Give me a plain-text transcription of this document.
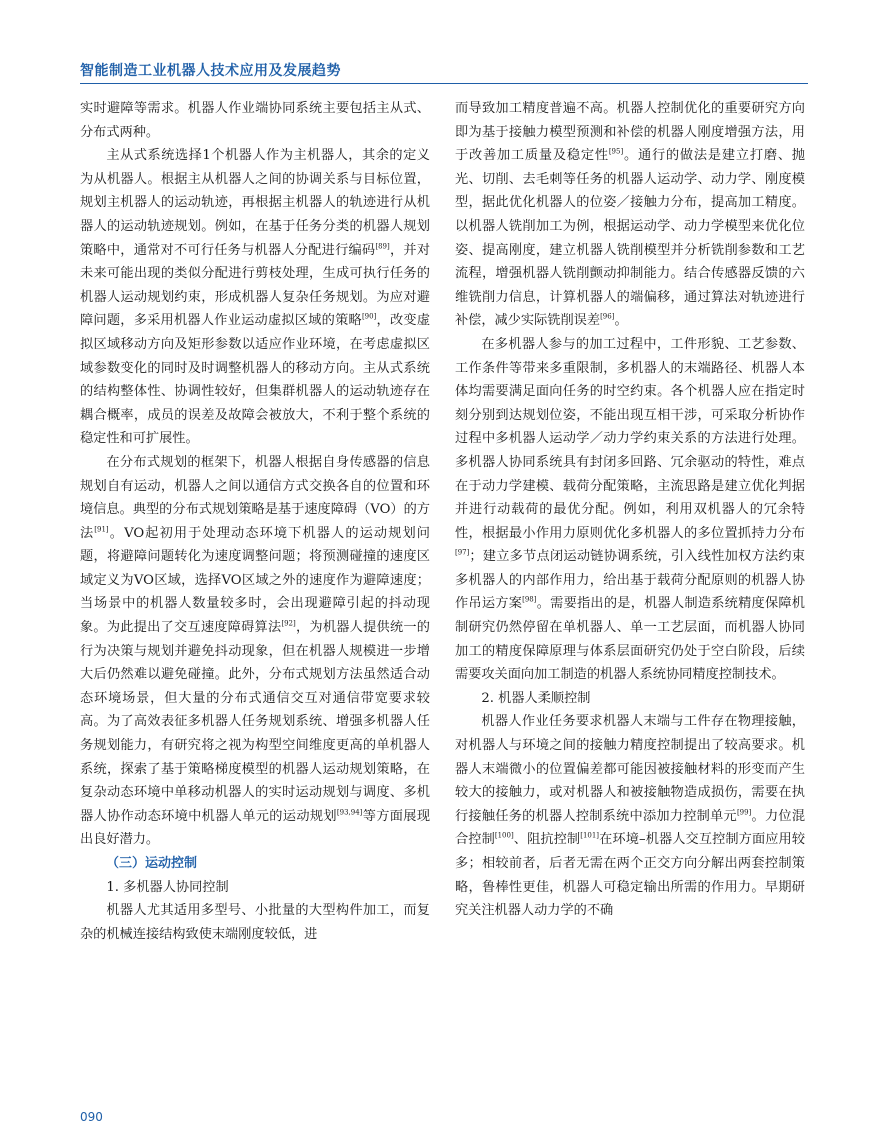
智能制造工业机器人技术应用及发展趋势

实时避障等需求。机器人作业端协同系统主要包括主从式、分布式两种。

主从式系统选择1个机器人作为主机器人，其余的定义为从机器人。根据主从机器人之间的协调关系与目标位置，规划主机器人的运动轨迹，再根据主机器人的轨迹进行从机器人的运动轨迹规划。例如，在基于任务分类的机器人规划策略中，通常对不可行任务与机器人分配进行编码[89]，并对未来可能出现的类似分配进行剪枝处理，生成可执行任务的机器人运动规划约束，形成机器人复杂任务规划。为应对避障问题，多采用机器人作业运动虚拟区域的策略[90]，改变虚拟区域移动方向及矩形参数以适应作业环境，在考虑虚拟区域参数变化的同时及时调整机器人的移动方向。主从式系统的结构整体性、协调性较好，但集群机器人的运动轨迹存在耦合概率，成员的误差及故障会被放大，不利于整个系统的稳定性和可扩展性。

在分布式规划的框架下，机器人根据自身传感器的信息规划自有运动，机器人之间以通信方式交换各自的位置和环境信息。典型的分布式规划策略是基于速度障碍（VO）的方法[91]。VO起初用于处理动态环境下机器人的运动规划问题，将避障问题转化为速度调整问题；将预测碰撞的速度区域定义为VO区域，选择VO区域之外的速度作为避障速度；当场景中的机器人数量较多时，会出现避障引起的抖动现象。为此提出了交互速度障碍算法[92]，为机器人提供统一的行为决策与规划并避免抖动现象，但在机器人规模进一步增大后仍然难以避免碰撞。此外，分布式规划方法虽然适合动态环境场景，但大量的分布式通信交互对通信带宽要求较高。为了高效表征多机器人任务规划系统、增强多机器人任务规划能力，有研究将之视为构型空间维度更高的单机器人系统，探索了基于策略梯度模型的机器人运动规划策略，在复杂动态环境中单移动机器人的实时运动规划与调度、多机器人协作动态环境中机器人单元的运动规划[93,94]等方面展现出良好潜力。

（三）运动控制

1. 多机器人协同控制

机器人尤其适用多型号、小批量的大型构件加工，而复杂的机械连接结构致使末端刚度较低，进

而导致加工精度普遍不高。机器人控制优化的重要研究方向即为基于接触力模型预测和补偿的机器人刚度增强方法，用于改善加工质量及稳定性[95]。通行的做法是建立打磨、抛光、切削、去毛刺等任务的机器人运动学、动力学、刚度模型，据此优化机器人的位姿／接触力分布，提高加工精度。以机器人铣削加工为例，根据运动学、动力学模型来优化位姿、提高刚度，建立机器人铣削模型并分析铣削参数和工艺流程，增强机器人铣削颤动抑制能力。结合传感器反馈的六维铣削力信息，计算机器人的端偏移，通过算法对轨迹进行补偿，减少实际铣削误差[96]。

在多机器人参与的加工过程中，工件形貌、工艺参数、工作条件等带来多重限制，多机器人的末端路径、机器人本体均需要满足面向任务的时空约束。各个机器人应在指定时刻分别到达规划位姿，不能出现互相干涉，可采取分析协作过程中多机器人运动学／动力学约束关系的方法进行处理。多机器人协同系统具有封闭多回路、冗余驱动的特性，难点在于动力学建模、载荷分配策略，主流思路是建立优化判据并进行动载荷的最优分配。例如，利用双机器人的冗余特性，根据最小作用力原则优化多机器人的多位置抓持力分布[97]；建立多节点闭运动链协调系统，引入线性加权方法约束多机器人的内部作用力，给出基于载荷分配原则的机器人协作吊运方案[98]。需要指出的是，机器人制造系统精度保障机制研究仍然停留在单机器人、单一工艺层面，而机器人协同加工的精度保障原理与体系层面研究仍处于空白阶段，后续需要攻关面向加工制造的机器人系统协同精度控制技术。

2. 机器人柔顺控制

机器人作业任务要求机器人末端与工件存在物理接触，对机器人与环境之间的接触力精度控制提出了较高要求。机器人末端微小的位置偏差都可能因被接触材料的形变而产生较大的接触力，或对机器人和被接触物造成损伤，需要在执行接触任务的机器人控制系统中添加力控制单元[99]。力位混合控制[100]、阻抗控制[101]在环境–机器人交互控制方面应用较多；相较前者，后者无需在两个正交方向分解出两套控制策略，鲁棒性更佳，机器人可稳定输出所需的作用力。早期研究关注机器人动力学的不确

090
